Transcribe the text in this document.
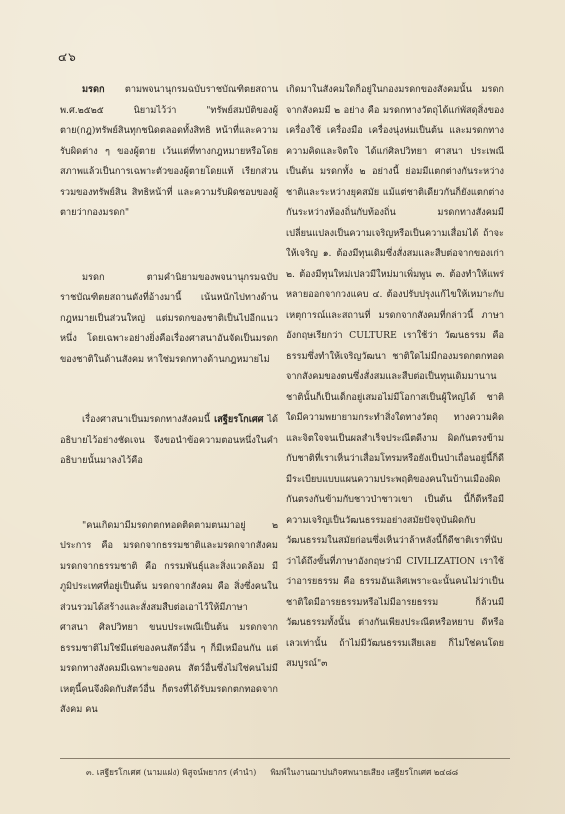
๔๖

มรดก ตามพจนานุกรมฉบับราชบัณฑิตยสถาน พ.ศ.๒๕๒๕ นิยามไว้ว่า "ทรัพย์สมบัติของผู้ตาย(กฎ)ทรัพย์สินทุกชนิดตลอดทั้งสิทธิ หน้าที่และความรับผิดต่าง ๆ ของผู้ตาย เว้นแต่ที่ทางกฎหมายหรือโดยสภาพแล้วเป็นการเฉพาะตัวของผู้ตายโดยแท้ เรียกส่วนรวมของทรัพย์สิน สิทธิหน้าที่ และความรับผิดชอบของผู้ตายว่ากองมรดก"

มรดก ตามคำนิยามของพจนานุกรมฉบับราชบัณฑิตยสถานดังที่อ้างมานี้ เน้นหนักไปทางด้านกฎหมายเป็นส่วนใหญ่ แต่มรดกของชาติเป็นไปอีกแนวหนึ่ง โดยเฉพาะอย่างยิ่งคือเรื่องศาสนาอันจัดเป็นมรดกของชาติในด้านสังคม หาใช่มรดกทางด้านกฎหมายไม่

เรื่องศาสนาเป็นมรดกทางสังคมนี้ เสฐียรโกเศศ ได้อธิบายไว้อย่างชัดเจน จึงขอนำข้อความตอนหนึ่งในคำอธิบายนั้นมาลงไว้คือ

"คนเกิดมามีมรดกตกทอดติดตามตนมาอยู่ ๒ ประการ คือ มรดกจากธรรมชาติและมรดกจากสังคม มรดกจากธรรมชาติ คือ กรรมพันธุ์และสิ่งแวดล้อม มีภูมิประเทศที่อยู่เป็นต้น มรดกจากสังคม คือ สิ่งซึ่งคนในส่วนรวมได้สร้างและสั่งสมสืบต่อเอาไว้ให้มีภาษา ศาสนา ศิลปวิทยา ขนบประเพณีเป็นต้น มรดกจากธรรมชาติไม่ใช่มีแต่ของคนสัตว์อื่น ๆ ก็มีเหมือนกัน แต่มรดกทางสังคมมีเฉพาะของคน สัตว์อื่นซึ่งไม่ใช่คนไม่มี เหตุนี้คนจึงผิดกับสัตว์อื่น ก็ตรงที่ได้รับมรดกตกทอดจากสังคม คน

เกิดมาในสังคมใดก็อยู่ในกองมรดกของสังคมนั้น มรดกจากสังคมมี ๒ อย่าง คือ มรดกทางวัตถุได้แก่พัสดุสิ่งของเครื่องใช้ เครื่องมือ เครื่องนุ่งห่มเป็นต้น และมรดกทางความคิดและจิตใจ ได้แก่ศิลปวิทยา ศาสนา ประเพณี เป็นต้น มรดกทั้ง ๒ อย่างนี้ ย่อมมีแตกต่างกันระหว่างชาติและระหว่างยุคสมัย แม้แต่ชาติเดียวกันก็ยังแตกต่างกันระหว่างท้องถิ่นกับท้องถิ่น มรดกทางสังคมมีเปลี่ยนแปลงเป็นความเจริญหรือเป็นความเสื่อมได้ ถ้าจะให้เจริญ ๑. ต้องมีทุนเดิมซึ่งสั่งสมและสืบต่อจากของเก่า ๒. ต้องมีทุนใหม่เปลวมีใหม่มาเพิ่มพูน ๓. ต้องทำให้แพร่หลายออกจากวงแคบ ๔. ต้องปรับปรุงแก้ไขให้เหมาะกับเหตุการณ์และสถานที่ มรดกจากสังคมที่กล่าวนี้ ภาษาอังกฤษเรียกว่า CULTURE เราใช้ว่า วัฒนธรรม คือธรรมซึ่งทำให้เจริญวัฒนา ชาติใดไม่มีกองมรดกตกทอดจากสังคมของตนซึ่งสั่งสมและสืบต่อเป็นทุนเดิมมานาน ชาตินั้นก็เป็นเด็กอยู่เสมอไม่มีโอกาสเป็นผู้ใหญ่ได้ ชาติใดมีความพยายามกระทำสิ่งใดทางวัตถุ ทางความคิดและจิตใจจนเป็นผลสำเร็จประณีตดีงาม ผิดกันตรงข้ามกับชาติที่เราเห็นว่าเสื่อมโทรมหรือยังเป็นป่าเถื่อนอยู่นี้ก็ดีมีระเบียบแบบแผนความประพฤติของคนในบ้านเมืองผิดกันตรงกันข้ามกับชาวป่าชาวเขา เป็นต้น นี้ก็ดีหรือมีความเจริญเป็นวัฒนธรรมอย่างสมัยปัจจุบันผิดกับวัฒนธรรมในสมัยก่อนซึ่งเห็นว่าล้าหลังนี้ก็ดีชาติเราที่นับว่าได้ถึงขั้นที่ภาษาอังกฤษว่ามี CIVILIZATION เราใช้ว่าอารยธรรม คือ ธรรมอันเลิศเพราะฉะนั้นคนไม่ว่าเป็นชาติใดมีอารยธรรมหรือไม่มีอารยธรรม ก็ล้วนมีวัฒนธรรมทั้งนั้น ต่างกันเพียงประณีตหรือหยาบ ดีหรือเลวเท่านั้น ถ้าไม่มีวัฒนธรรมเสียเลย ก็ไม่ใช่คนโดยสมบูรณ์"๓

๓. เสฐียรโกเศศ (นามแฝง) พิสูจน์พยากร (คำนำ) พิมพ์ในงานฌาปนกิจศพนายเสียง เสฐียรโกเศศ ๒๔๘๘
